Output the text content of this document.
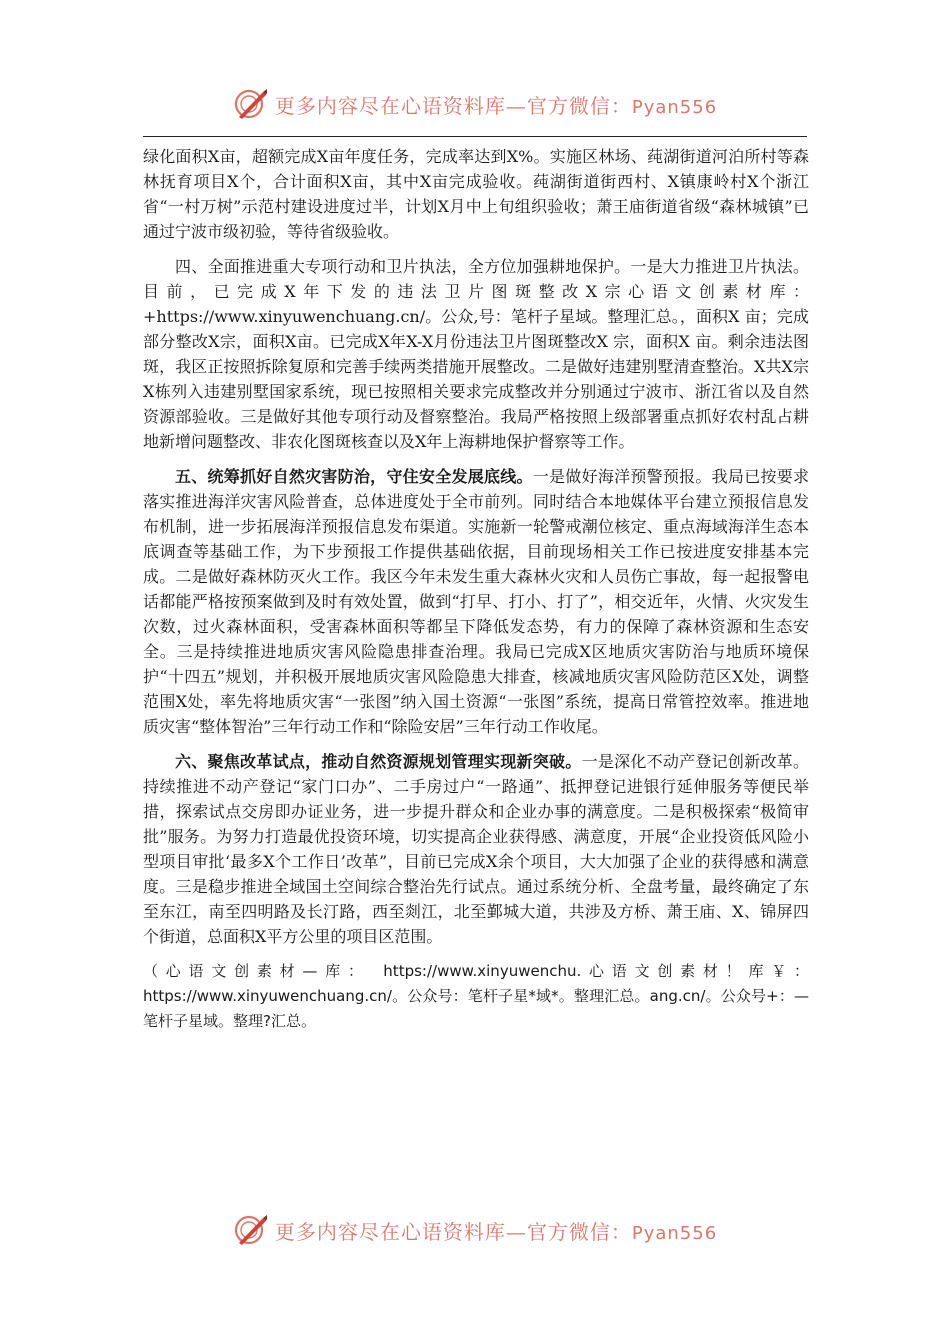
更多内容尽在心语资料库—官方微信：Pyan556

绿化面积X亩，超额完成X亩年度任务，完成率达到X%。实施区林场、莼湖街道河泊所村等森林抚育项目X个，合计面积X亩，其中X亩完成验收。莼湖街道街西村、X镇康岭村X个浙江省“一村万树”示范村建设进度过半，计划X月中上旬组织验收；萧王庙街道省级“森林城镇”已通过宁波市级初验，等待省级验收。

四、全面推进重大专项行动和卫片执法，全方位加强耕地保护。一是大力推进卫片执法。目前，已完成X年下发的违法卫片图斑整改X宗心语文创素材库：+https://www.xinyuwenchuang.cn/。公众,号：笔杆子星域。整理汇总。，面积X 亩；完成部分整改X宗，面积X亩。已完成X年X-X月份违法卫片图斑整改X 宗，面积X 亩。剩余违法图斑，我区正按照拆除复原和完善手续两类措施开展整改。二是做好违建别墅清查整治。X共X宗X栋列入违建别墅国家系统，现已按照相关要求完成整改并分别通过宁波市、浙江省以及自然资源部验收。三是做好其他专项行动及督察整治。我局严格按照上级部署重点抓好农村乱占耕地新增问题整改、非农化图斑核查以及X年上海耕地保护督察等工作。

五、统筹抓好自然灾害防治，守住安全发展底线。一是做好海洋预警预报。我局已按要求落实推进海洋灾害风险普查，总体进度处于全市前列。同时结合本地媒体平台建立预报信息发布机制，进一步拓展海洋预报信息发布渠道。实施新一轮警戒潮位核定、重点海域海洋生态本底调查等基础工作，为下步预报工作提供基础依据，目前现场相关工作已按进度安排基本完成。二是做好森林防灭火工作。我区今年未发生重大森林火灾和人员伤亡事故，每一起报警电话都能严格按预案做到及时有效处置，做到“打早、打小、打了”，相交近年，火情、火灾发生次数，过火森林面积，受害森林面积等都呈下降低发态势，有力的保障了森林资源和生态安全。三是持续推进地质灾害风险隐患排查治理。我局已完成X区地质灾害防治与地质环境保护“十四五”规划，并积极开展地质灾害风险隐患大排查，核减地质灾害风险防范区X处，调整范围X处，率先将地质灾害“一张图”纳入国土资源“一张图”系统，提高日常管控效率。推进地质灾害“整体智治”三年行动工作和“除险安居”三年行动工作收尾。

六、聚焦改革试点，推动自然资源规划管理实现新突破。一是深化不动产登记创新改革。持续推进不动产登记“家门口办”、二手房过户“一路通”、抵押登记进银行延伸服务等便民举措，探索试点交房即办证业务，进一步提升群众和企业办事的满意度。二是积极探索“极简审批”服务。为努力打造最优投资环境，切实提高企业获得感、满意度，开展“企业投资低风险小型项目审批‘最多X个工作日’改革”，目前已完成X余个项目，大大加强了企业的获得感和满意度。三是稳步推进全域国土空间综合整治先行试点。通过系统分析、全盘考量，最终确定了东至东江，南至四明路及长汀路，西至剡江，北至鄞城大道，共涉及方桥、萧王庙、X、锦屏四个街道，总面积X平方公里的项目区范围。

（心语文创素材—库： https://www.xinyuwenchu.心语文创素材！库￥： https://www.xinyuwenchuang.cn/。公众号：笔杆子星*域*。整理汇总。ang.cn/。公众号+：—笔杆子星域。整理?汇总。

更多内容尽在心语资料库—官方微信：Pyan556
